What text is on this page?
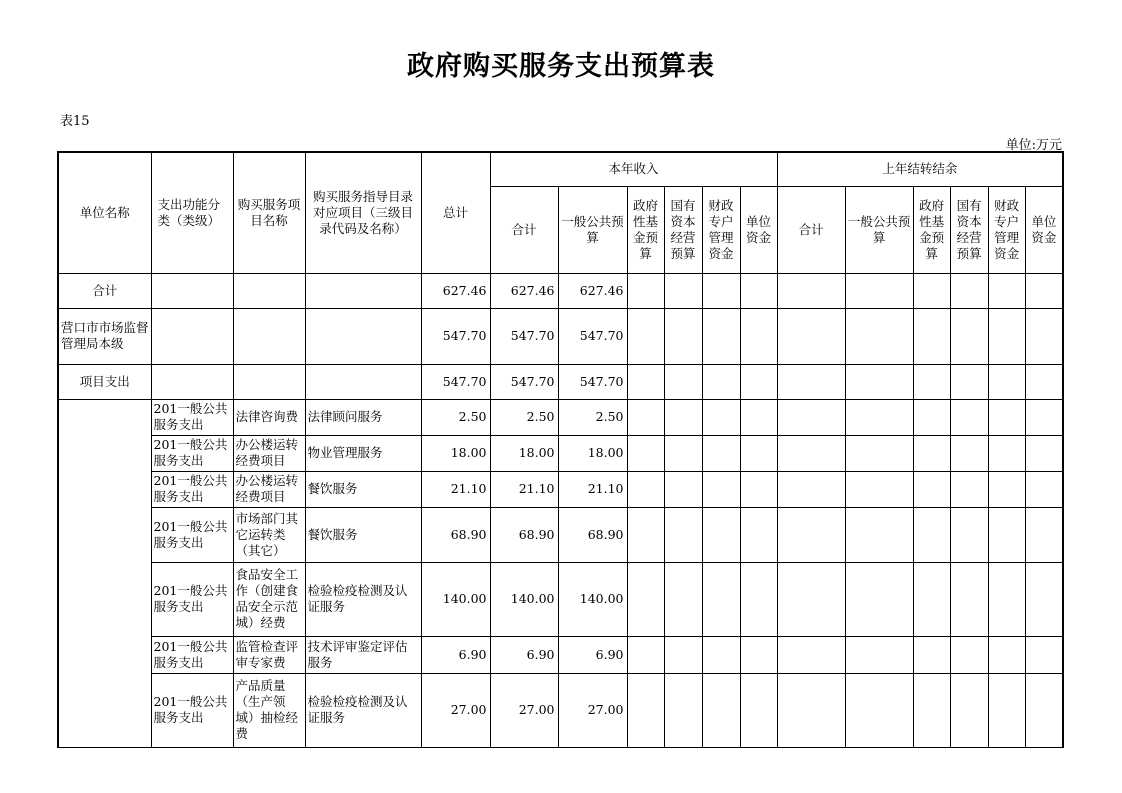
政府购买服务支出预算表
表15
单位:万元
单位名称	支出功能分类（类级）	购买服务项目名称	购买服务指导目录对应项目（三级目录代码及名称）	总计	本年收入						上年结转结余					
					合计	一般公共预算	政府性基金预算	国有资本经营预算	财政专户管理资金	单位资金	合计	一般公共预算	政府性基金预算	国有资本经营预算	财政专户管理资金	单位资金
合计				627.46	627.46	627.46										
营口市市场监督管理局本级				547.70	547.70	547.70										
项目支出				547.70	547.70	547.70										
	201一般公共服务支出	法律咨询费	法律顾问服务	2.50	2.50	2.50										
	201一般公共服务支出	办公楼运转经费项目	物业管理服务	18.00	18.00	18.00										
	201一般公共服务支出	办公楼运转经费项目	餐饮服务	21.10	21.10	21.10										
	201一般公共服务支出	市场部门其它运转类（其它）	餐饮服务	68.90	68.90	68.90										
	201一般公共服务支出	食品安全工作（创建食品安全示范城）经费	检验检疫检测及认证服务	140.00	140.00	140.00										
	201一般公共服务支出	监管检查评审专家费	技术评审鉴定评估服务	6.90	6.90	6.90										
	201一般公共服务支出	产品质量（生产领域）抽检经费	检验检疫检测及认证服务	27.00	27.00	27.00										
